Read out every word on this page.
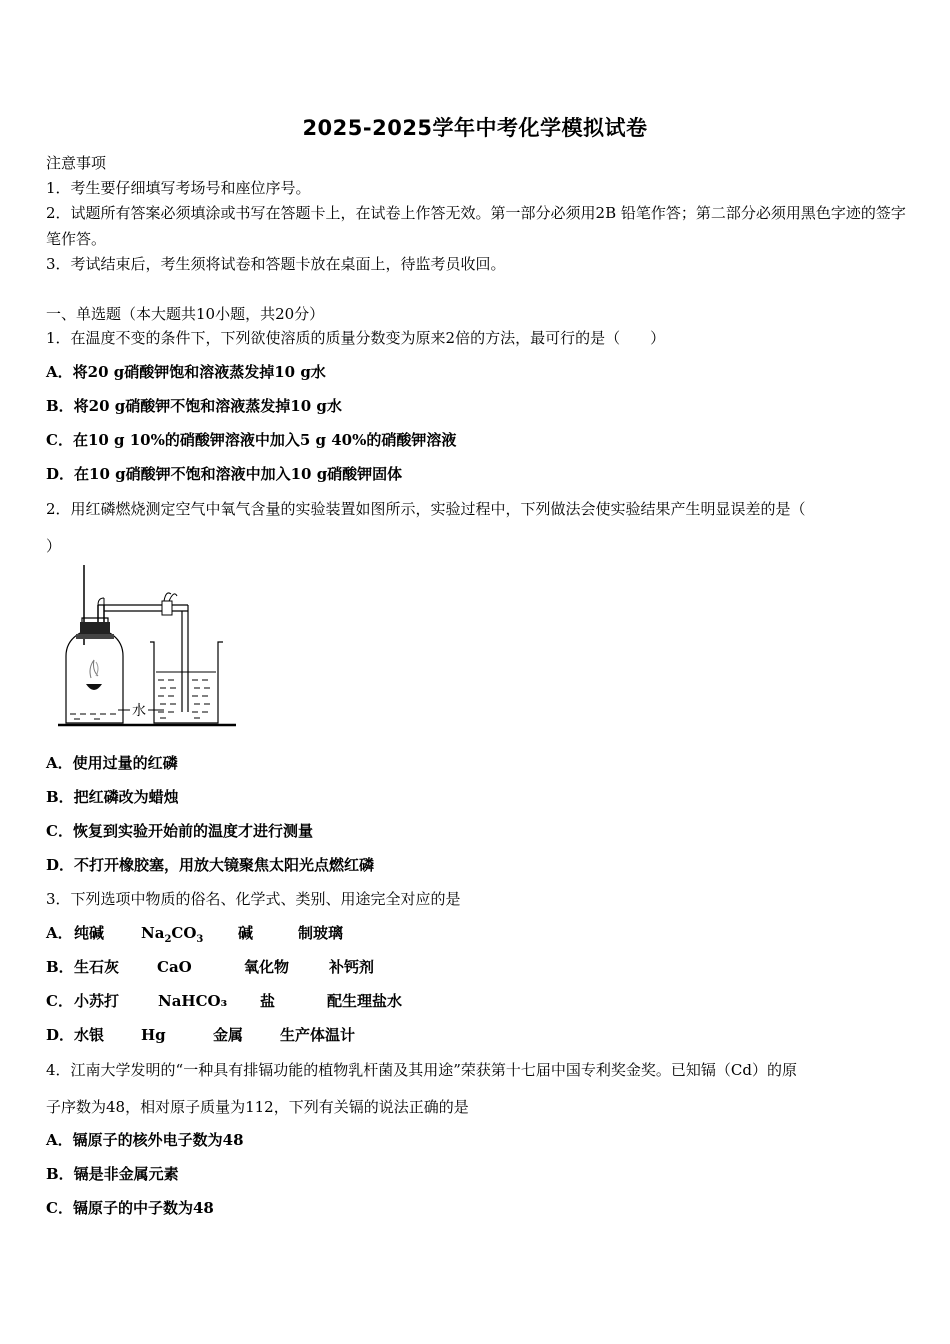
2025-2025学年中考化学模拟试卷
注意事项
1．考生要仔细填写考场号和座位序号。
2．试题所有答案必须填涂或书写在答题卡上，在试卷上作答无效。第一部分必须用2B 铅笔作答；第二部分必须用黑色字迹的签字笔作答。
3．考试结束后，考生须将试卷和答题卡放在桌面上，待监考员收回。
一、单选题（本大题共10小题，共20分）
1．在温度不变的条件下，下列欲使溶质的质量分数变为原来2倍的方法，最可行的是（　　）
A．将20 g硝酸钾饱和溶液蒸发掉10 g水
B．将20 g硝酸钾不饱和溶液蒸发掉10 g水
C．在10 g 10%的硝酸钾溶液中加入5 g 40%的硝酸钾溶液
D．在10 g硝酸钾不饱和溶液中加入10 g硝酸钾固体
2．用红磷燃烧测定空气中氧气含量的实验装置如图所示，实验过程中，下列做法会使实验结果产生明显误差的是（
）
水
A．使用过量的红磷
B．把红磷改为蜡烛
C．恢复到实验开始前的温度才进行测量
D．不打开橡胶塞，用放大镜聚焦太阳光点燃红磷
3．下列选项中物质的俗名、化学式、类别、用途完全对应的是
A．纯碱 $Na_2CO_3$ 碱	制玻璃
B．生石灰	CaO	氧化物	补钙剂
C．小苏打	NaHCO₃ 盐	配生理盐水
D．水银 Hg	金属 生产体温计
4．江南大学发明的“一种具有排镉功能的植物乳杆菌及其用途”荣获第十七届中国专利奖金奖。已知镉（Cd）的原
子序数为48，相对原子质量为112，下列有关镉的说法正确的是
A．镉原子的核外电子数为48
B．镉是非金属元素
C．镉原子的中子数为48
